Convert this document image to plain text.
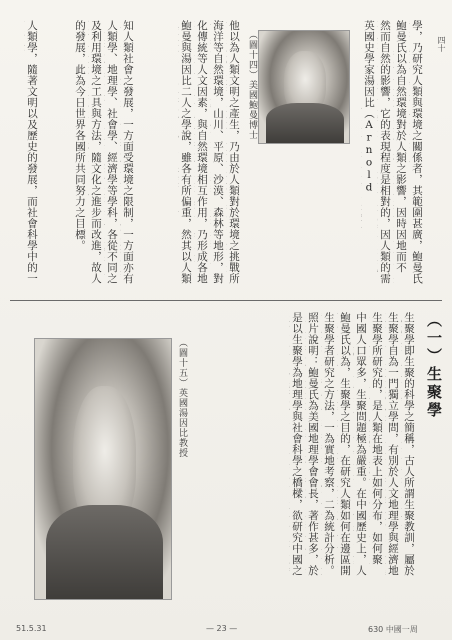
（一）生聚學
四十
生聚學即生聚的科學之簡稱，古人所謂生聚教訓，屬於
生聚學自為一門獨立學問，有別於人文地理學與經濟地
生聚學所研究的，是人類在地表上如何分布，如何聚
中國人口眾多，生聚問題極為嚴重。在中國歷史上，人
鮑曼氏以為，生聚學之目的，在研究人類如何在邊區開
生聚學者研究之方法，一為實地考察，二為統計分析。
照片說明：鮑曼氏為美國地理學會會長，著作甚多，於
是以生聚學為地理學與社會科學之橋樑，欲研究中國之
學，乃研究人類與環境之關係者，其範圍甚廣，鮑曼氏
鮑曼氏以為自然環境對於人類之影響，因時因地而不
然而自然的影響，它的表現程度是相對的，因人類的需
英國史學家湯因比（Arnold
（圖十四）美國鮑曼博士
他以為人類文明之產生，乃由於人類對於環境之挑戰所
海洋等自然環境，山川、平原、沙漠、森林等地形，對
化傳統等人文因素，與自然環境相互作用，乃形成各地
鮑曼與湯因比二人之學說，雖各有所偏重，然其以人類
知人類社會之發展，一方面受環境之限制，一方面亦有
人類學、地理學、社會學、經濟學等學科，各從不同之
及利用環境之工具與方法，隨文化之進步而改進，故人
的發展，此為今日世界各國所共同努力之目標。
人類學，隨著文明以及歷史的發展，而社會科學中的一
（圖十五）英國湯因比教授
51.5.31	— 23 —	630 中國一周
